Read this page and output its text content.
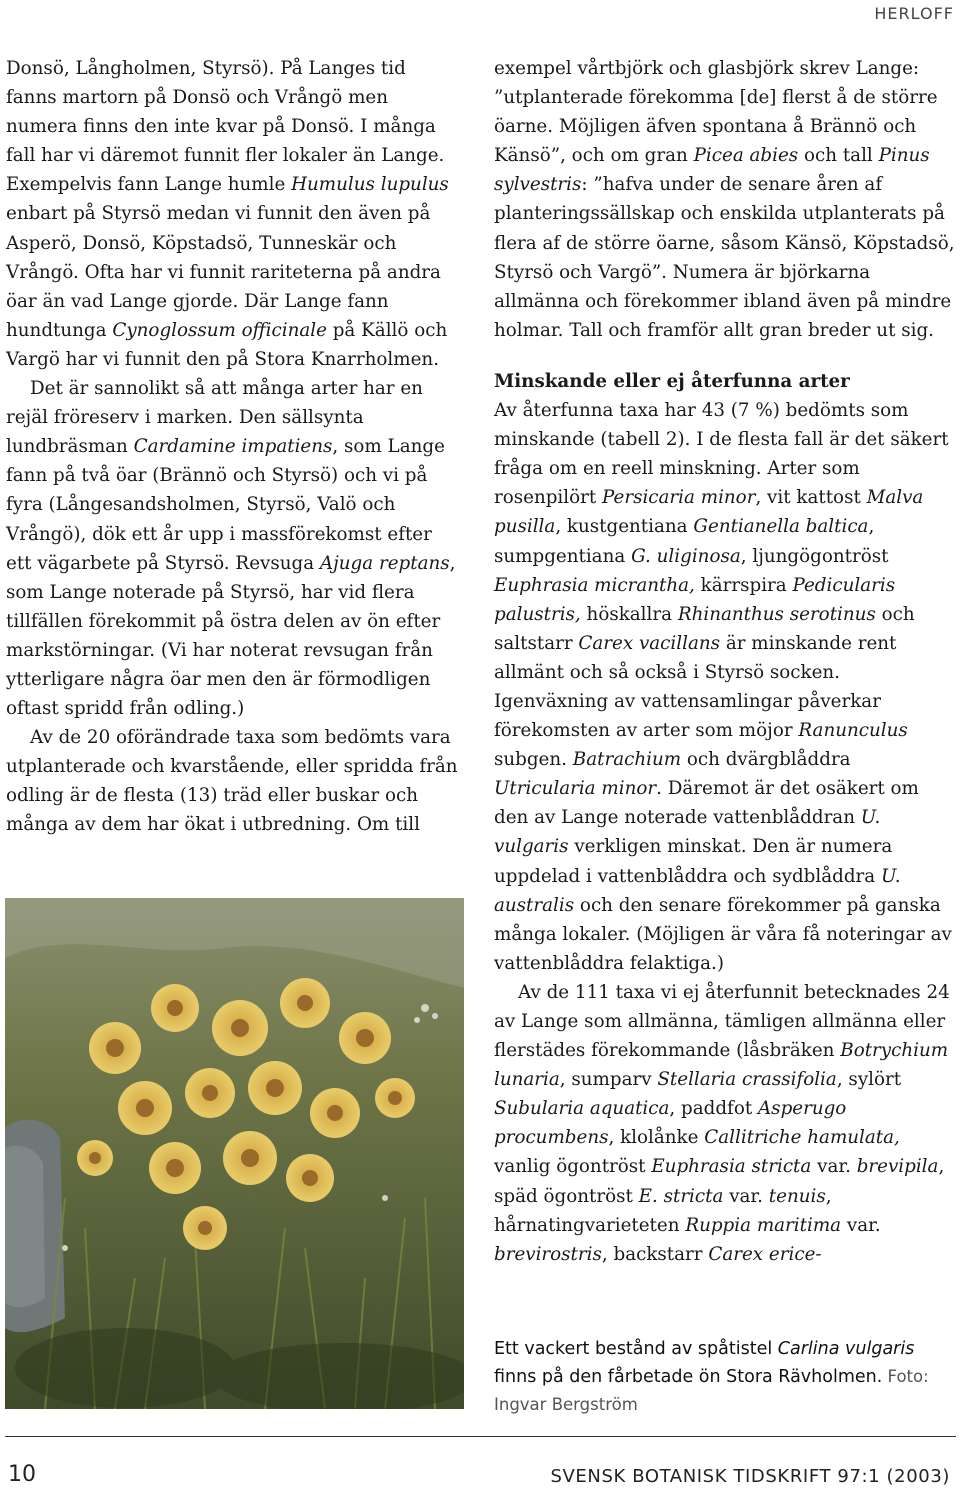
HERLOFF

Donsö, Långholmen, Styrsö). På Langes tid fanns martorn på Donsö och Vrångö men numera finns den inte kvar på Donsö. I många fall har vi däremot funnit fler lokaler än Lange. Exempelvis fann Lange humle Humulus lupulus enbart på Styrsö medan vi funnit den även på Asperö, Donsö, Köpstadsö, Tunneskär och Vrångö. Ofta har vi funnit rariteterna på andra öar än vad Lange gjorde. Där Lange fann hundtunga Cynoglossum officinale på Källö och Vargö har vi funnit den på Stora Knarrholmen.

Det är sannolikt så att många arter har en rejäl fröreserv i marken. Den sällsynta lundbräsman Cardamine impatiens, som Lange fann på två öar (Brännö och Styrsö) och vi på fyra (Långesandsholmen, Styrsö, Valö och Vrångö), dök ett år upp i massförekomst efter ett vägarbete på Styrsö. Revsuga Ajuga reptans, som Lange noterade på Styrsö, har vid flera tillfällen förekommit på östra delen av ön efter markstörningar. (Vi har noterat revsugan från ytterligare några öar men den är förmodligen oftast spridd från odling.)

Av de 20 oförändrade taxa som bedömts vara utplanterade och kvarstående, eller spridda från odling är de flesta (13) träd eller buskar och många av dem har ökat i utbredning. Om till

exempel vårtbjörk och glasbjörk skrev Lange: ”utplanterade förekomma [de] flerst å de större öarne. Möjligen äfven spontana å Brännö och Känsö”, och om gran Picea abies och tall Pinus sylvestris: ”hafva under de senare åren af planteringssällskap och enskilda utplanterats på flera af de större öarne, såsom Känsö, Köpstadsö, Styrsö och Vargö”. Numera är björkarna allmänna och förekommer ibland även på mindre holmar. Tall och framför allt gran breder ut sig.

Minskande eller ej återfunna arter

Av återfunna taxa har 43 (7 %) bedömts som minskande (tabell 2). I de flesta fall är det säkert fråga om en reell minskning. Arter som rosenpilört Persicaria minor, vit kattost Malva pusilla, kustgentiana Gentianella baltica, sumpgentiana G. uliginosa, ljungögontröst Euphrasia micrantha, kärrspira Pedicularis palustris, höskallra Rhinanthus serotinus och saltstarr Carex vacillans är minskande rent allmänt och så också i Styrsö socken. Igenväxning av vattensamlingar påverkar förekomsten av arter som möjor Ranunculus subgen. Batrachium och dvärgblåddra Utricularia minor. Däremot är det osäkert om den av Lange noterade vattenblåddran U. vulgaris verkligen minskat. Den är numera uppdelad i vattenblåddra och sydblåddra U. australis och den senare förekommer på ganska många lokaler. (Möjligen är våra få noteringar av vattenblåddra felaktiga.)

Av de 111 taxa vi ej återfunnit betecknades 24 av Lange som allmänna, tämligen allmänna eller flerstädes förekommande (låsbräken Botrychium lunaria, sumparv Stellaria crassifolia, sylört Subularia aquatica, paddfot Asperugo procumbens, klolånke Callitriche hamulata, vanlig ögontröst Euphrasia stricta var. brevipila, späd ögontröst E. stricta var. tenuis, hårnatingvarieteten Ruppia maritima var. brevirostris, backstarr Carex erice-

Ett vackert bestånd av spåtistel Carlina vulgaris finns på den fårbetade ön Stora Rävholmen. Foto: Ingvar Bergström
10	SVENSK BOTANISK TIDSKRIFT 97:1 (2003)
